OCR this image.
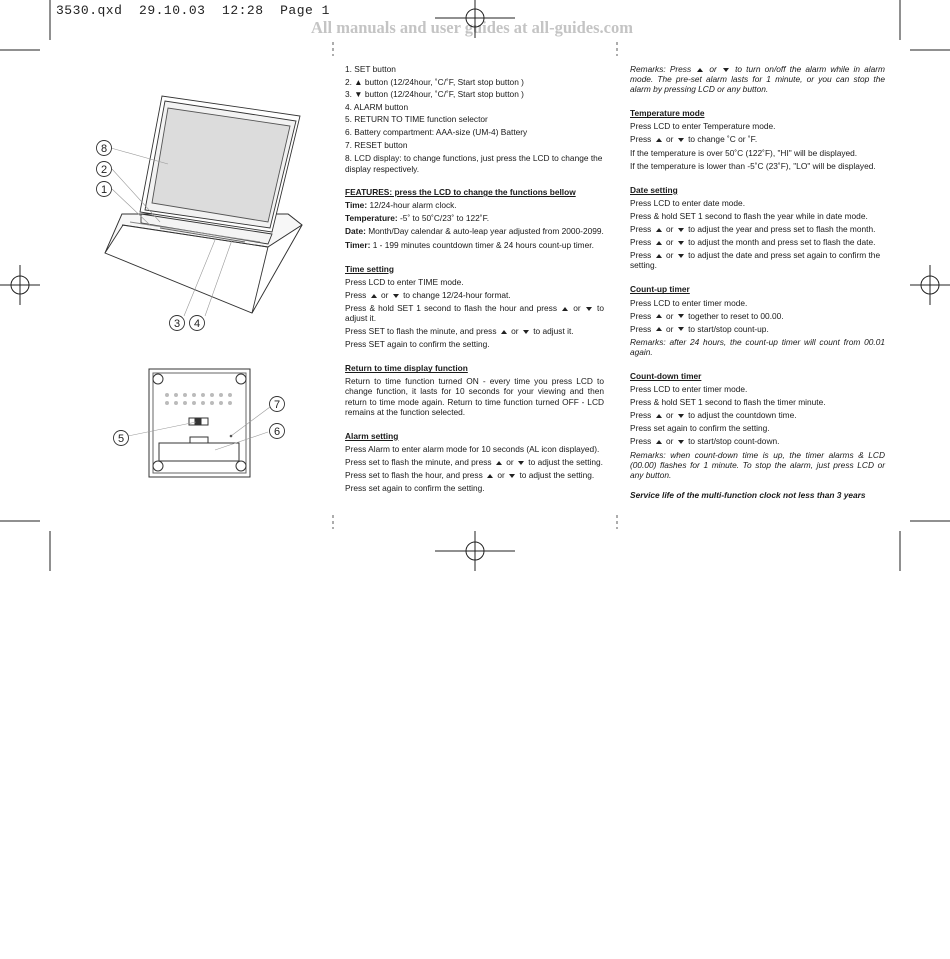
3530.qxd  29.10.03  12:28  Page 1
All manuals and user guides at all-guides.com
8
2
1
3 4
5
7
6

1. SET button

2. ▲ button (12/24hour, ˚C/˚F, Start stop button )

3. ▼ button (12/24hour, ˚C/˚F, Start stop button )

4. ALARM button

5. RETURN TO TIME function selector

6. Battery compartment: AAA-size (UM-4) Battery

7. RESET button

8. LCD display: to change functions, just press the LCD to change the display respectively.

FEATURES: press the LCD to change the functions bellow

Time: 12/24-hour alarm clock.

Temperature: -5˚ to 50˚C/23˚ to 122˚F.

Date: Month/Day calendar & auto-leap year adjusted from 2000-2099.

Timer: 1 - 199 minutes countdown timer & 24 hours count-up timer.

Time setting

Press LCD to enter TIME mode.

Press or to change 12/24-hour format.

Press & hold SET 1 second to flash the hour and press or to adjust it.

Press SET to flash the minute, and press or to adjust it.

Press SET again to confirm the setting.

Return to time display function

Return to time function turned ON - every time you press LCD to change function, it lasts for 10 seconds for your viewing and then return to time mode again. Return to time function turned OFF - LCD remains at the function selected.

Alarm setting

Press Alarm to enter alarm mode for 10 seconds (AL icon displayed).

Press set to flash the minute, and press or to adjust the setting.

Press set to flash the hour, and press or to adjust the setting.

Press set again to confirm the setting.

Remarks: Press or to turn on/off the alarm while in alarm mode. The pre-set alarm lasts for 1 minute, or you can stop the alarm by pressing LCD or any button.

Temperature mode

Press LCD to enter Temperature mode.

Press or to change ˚C or ˚F.

If the temperature is over 50˚C (122˚F), "HI" will be displayed.

If the temperature is lower than -5˚C (23˚F), "LO" will be displayed.

Date setting

Press LCD to enter date mode.

Press & hold SET 1 second to flash the year while in date mode.

Press or to adjust the year and press set to flash the month.

Press or to adjust the month and press set to flash the date.

Press or to adjust the date and press set again to confirm the setting.

Count-up timer

Press LCD to enter timer mode.

Press or together to reset to 00.00.

Press or to start/stop count-up.

Remarks: after 24 hours, the count-up timer will count from 00.01 again.

Count-down timer

Press LCD to enter timer mode.

Press & hold SET 1 second to flash the timer minute.

Press or to adjust the countdown time.

Press set again to confirm the setting.

Press or to start/stop count-down.

Remarks: when count-down time is up, the timer alarms & LCD (00.00) flashes for 1 minute. To stop the alarm, just press LCD or any button.

Service life of the multi-function clock not less than 3 years
